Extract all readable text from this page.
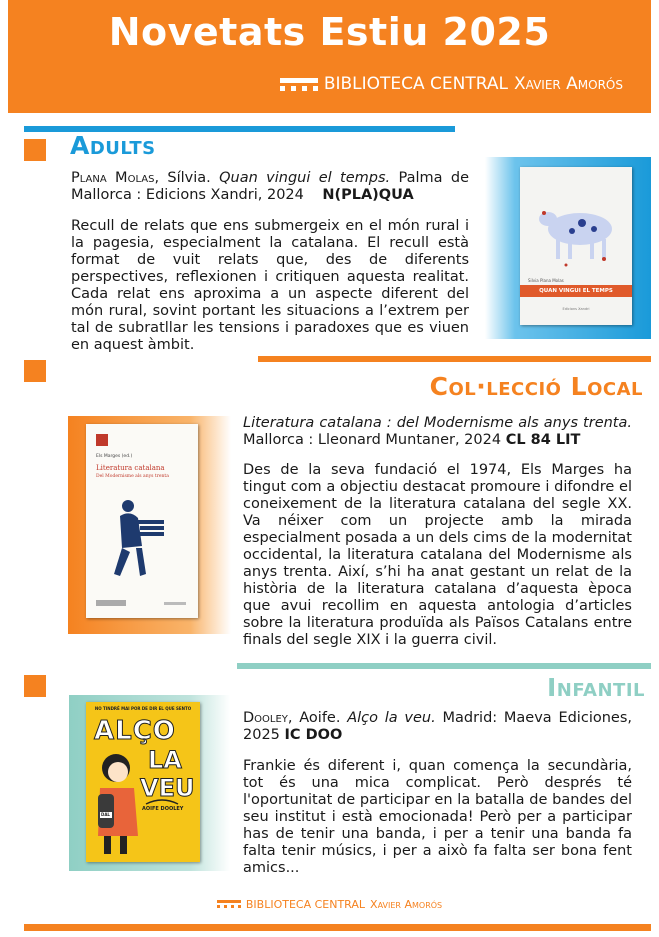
Novetats Estiu 2025
BIBLIOTECA CENTRAL Xavier Amorós
Adults

Plana Molas, Sílvia. Quan vingui el temps. Palma de Mallorca : Edicions Xandri, 2024 N(PLA)QUA

Recull de relats que ens submergeix en el món rural i la pagesia, especialment la catalana. El recull està format de vuit relats que, des de diferents perspectives, reflexionen i critiquen aquesta realitat. Cada relat ens aproxima a un aspecte diferent del món rural, sovint portant les situacions a l’extrem per tal de subratllar les tensions i paradoxes que es viuen en aquest àmbit.

Silvia Plana Molas
QUAN VINGUI EL TEMPS
Edicions Xandri
Col·lecció Local
Els Marges (ed.)
Literatura catalana
Del Modernisme als anys trenta

Literatura catalana : del Modernisme als anys trenta. Mallorca : Lleonard Muntaner, 2024 CL 84 LIT

Des de la seva fundació el 1974, Els Marges ha tingut com a objectiu destacat promoure i difondre el coneixement de la literatura catalana del segle XX. Va néixer com un projecte amb la mirada especialment posada a un dels cims de la modernitat occidental, la literatura catalana del Modernisme als anys trenta. Així, s’hi ha anat gestant un relat de la història de la literatura catalana d’aquesta època que avui recollim en aquesta antologia d’articles sobre la literatura produïda als Països Catalans entre finals del segle XIX i la guerra civil.

Infantil
NO TINDRÉ MAI POR DE DIR EL QUE SENTO
ALÇO
LA
VEU
DAL
AOIFE DOOLEY

Dooley, Aoife. Alço la veu. Madrid: Maeva Ediciones, 2025 IC DOO

Frankie és diferent i, quan comença la secundària, tot és una mica complicat. Però després té l'oportunitat de participar en la batalla de bandes del seu institut i està emocionada! Però per a participar has de tenir una banda, i per a tenir una banda fa falta tenir músics, i per a això fa falta ser bona fent amics...

BIBLIOTECA CENTRAL Xavier Amorós
